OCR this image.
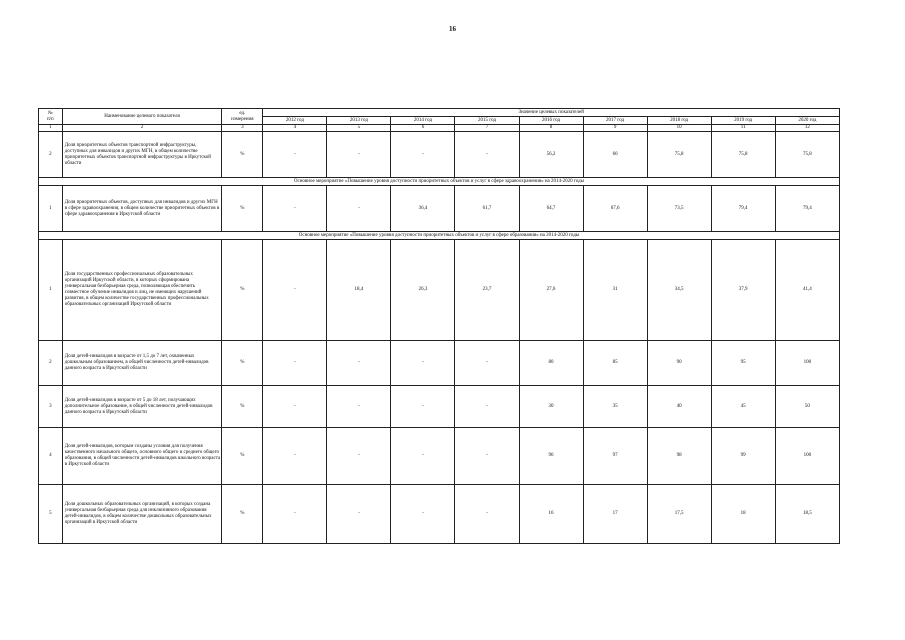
16
№
п/п	Наименование целевого показателя	ед.
измерения	Значение целевых показателей								
			2012 год	2013 год	2014 год	2015 год	2016 год	2017 год	2018 год	2019 год	2020 год
1	2	3	4	5	6	7	8	9	10	11	12
2	Доля приоритетных объектов транспортной инфраструктуры, доступных для инвалидов и других МГН, в общем количестве приоритетных объектов транспортной инфраструктуры в Иркутской области	%	-	-	-	-	56,2	66	75,8	75,8	75,8
Основное мероприятие «Повышение уровня доступности приоритетных объектов и услуг в сфере здравоохранения» на 2014-2020 годы											
1	Доля приоритетных объектов, доступных для инвалидов и других МГН в сфере здравоохранения, в общем количестве приоритетных объектов в сфере здравоохранения в Иркутской области	%	-	-	36,4	61,7	64,7	67,6	73,5	79,4	79,4
Основное мероприятие «Повышение уровня доступности приоритетных объектов и услуг в сфере образования» на 2014-2020 годы											
1	Доля государственных профессиональных образовательных организаций Иркутской области, в которых сформирована универсальная безбарьерная среда, позволяющая обеспечить совместное обучение инвалидов и лиц, не имеющих нарушений развития, в общем количестве государственных профессиональных образовательных организаций Иркутской области	%	-	18,4	26,3	23,7	27,6	31	34,5	37,9	41,4
2	Доля детей-инвалидов в возрасте от 1,5 до 7 лет, охваченных дошкольным образованием, в общей численности детей-инвалидов данного возраста в Иркутской области	%	-	-	-	-	80	85	90	95	100
3	Доля детей-инвалидов в возрасте от 5 до 18 лет, получающих дополнительное образование, в общей численности детей-инвалидов данного возраста в Иркутской области	%	-	-	-	-	30	35	40	45	50
4	Доля детей-инвалидов, которым созданы условия для получения качественного начального общего, основного общего и среднего общего образования, в общей численности детей-инвалидов школьного возраста в Иркутской области	%	-	-	-	-	96	97	98	99	100
5	Доля дошкольных образовательных организаций, в которых создана универсальная безбарьерная среда для инклюзивного образования детей-инвалидов, в общем количестве дошкольных образовательных организаций в Иркутской области	%	-	-	-	-	16	17	17,5	18	18,5
